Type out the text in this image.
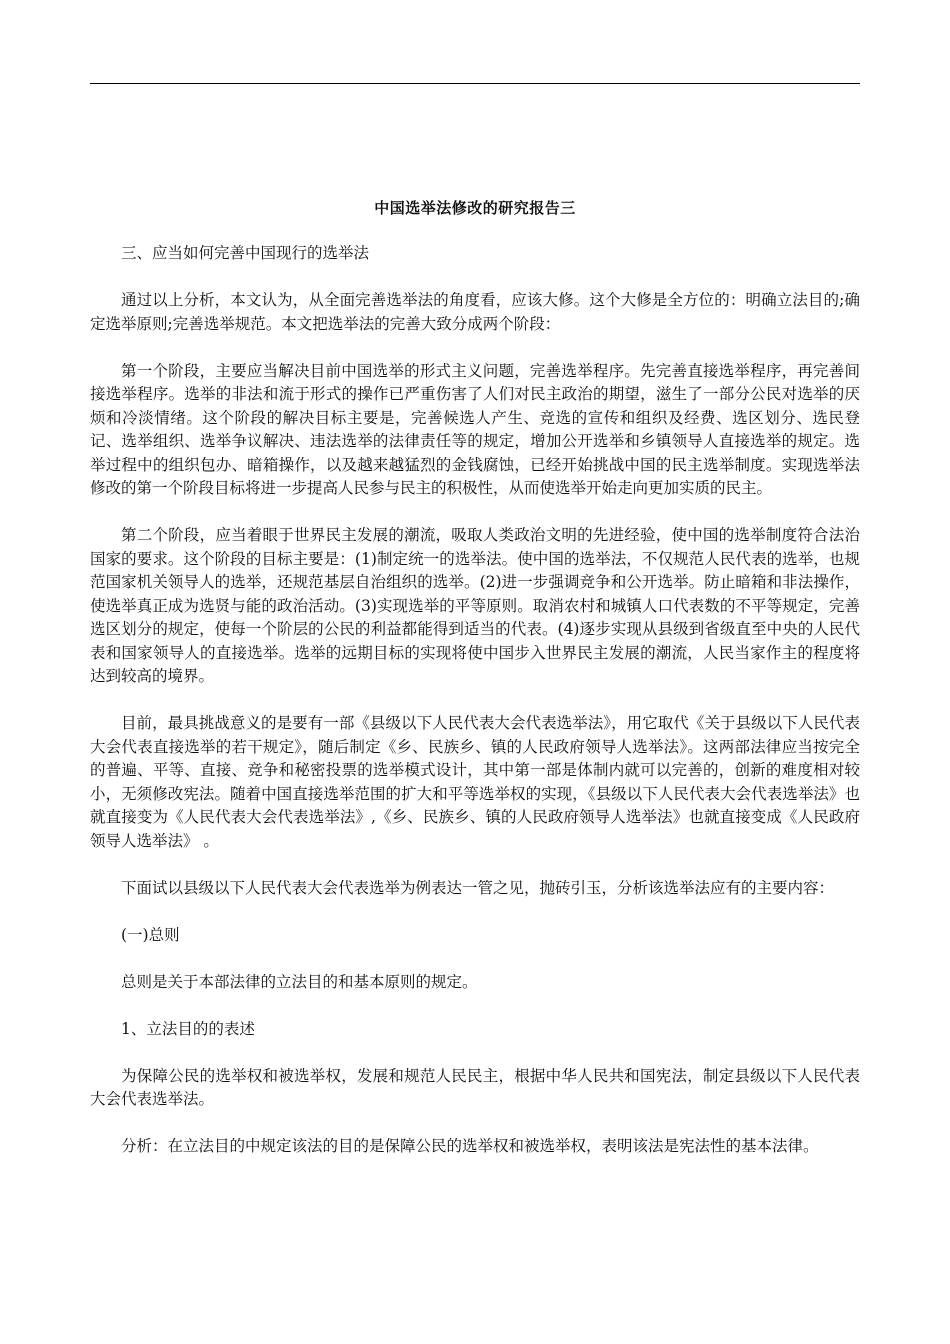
中国选举法修改的研究报告三

三、应当如何完善中国现行的选举法

通过以上分析，本文认为，从全面完善选举法的角度看，应该大修。这个大修是全方位的：明确立法目的;确定选举原则;完善选举规范。本文把选举法的完善大致分成两个阶段：

第一个阶段，主要应当解决目前中国选举的形式主义问题，完善选举程序。先完善直接选举程序，再完善间接选举程序。选举的非法和流于形式的操作已严重伤害了人们对民主政治的期望，滋生了一部分公民对选举的厌烦和冷淡情绪。这个阶段的解决目标主要是，完善候选人产生、竞选的宣传和组织及经费、选区划分、选民登记、选举组织、选举争议解决、违法选举的法律责任等的规定，增加公开选举和乡镇领导人直接选举的规定。选举过程中的组织包办、暗箱操作，以及越来越猛烈的金钱腐蚀，已经开始挑战中国的民主选举制度。实现选举法修改的第一个阶段目标将进一步提高人民参与民主的积极性，从而使选举开始走向更加实质的民主。

第二个阶段，应当着眼于世界民主发展的潮流，吸取人类政治文明的先进经验，使中国的选举制度符合法治国家的要求。这个阶段的目标主要是：(1)制定统一的选举法。使中国的选举法，不仅规范人民代表的选举，也规范国家机关领导人的选举，还规范基层自治组织的选举。(2)进一步强调竞争和公开选举。防止暗箱和非法操作，使选举真正成为选贤与能的政治活动。(3)实现选举的平等原则。取消农村和城镇人口代表数的不平等规定，完善选区划分的规定，使每一个阶层的公民的利益都能得到适当的代表。(4)逐步实现从县级到省级直至中央的人民代表和国家领导人的直接选举。选举的远期目标的实现将使中国步入世界民主发展的潮流，人民当家作主的程度将达到较高的境界。

目前，最具挑战意义的是要有一部《县级以下人民代表大会代表选举法》，用它取代《关于县级以下人民代表大会代表直接选举的若干规定》，随后制定《乡、民族乡、镇的人民政府领导人选举法》。这两部法律应当按完全的普遍、平等、直接、竞争和秘密投票的选举模式设计，其中第一部是体制内就可以完善的，创新的难度相对较小，无须修改宪法。随着中国直接选举范围的扩大和平等选举权的实现，《县级以下人民代表大会代表选举法》也就直接变为《人民代表大会代表选举法》,《乡、民族乡、镇的人民政府领导人选举法》也就直接变成《人民政府领导人选举法》 。

下面试以县级以下人民代表大会代表选举为例表达一管之见，抛砖引玉，分析该选举法应有的主要内容：

(一)总则

总则是关于本部法律的立法目的和基本原则的规定。

1、立法目的的表述

为保障公民的选举权和被选举权，发展和规范人民民主，根据中华人民共和国宪法，制定县级以下人民代表大会代表选举法。

分析：在立法目的中规定该法的目的是保障公民的选举权和被选举权，表明该法是宪法性的基本法律。
